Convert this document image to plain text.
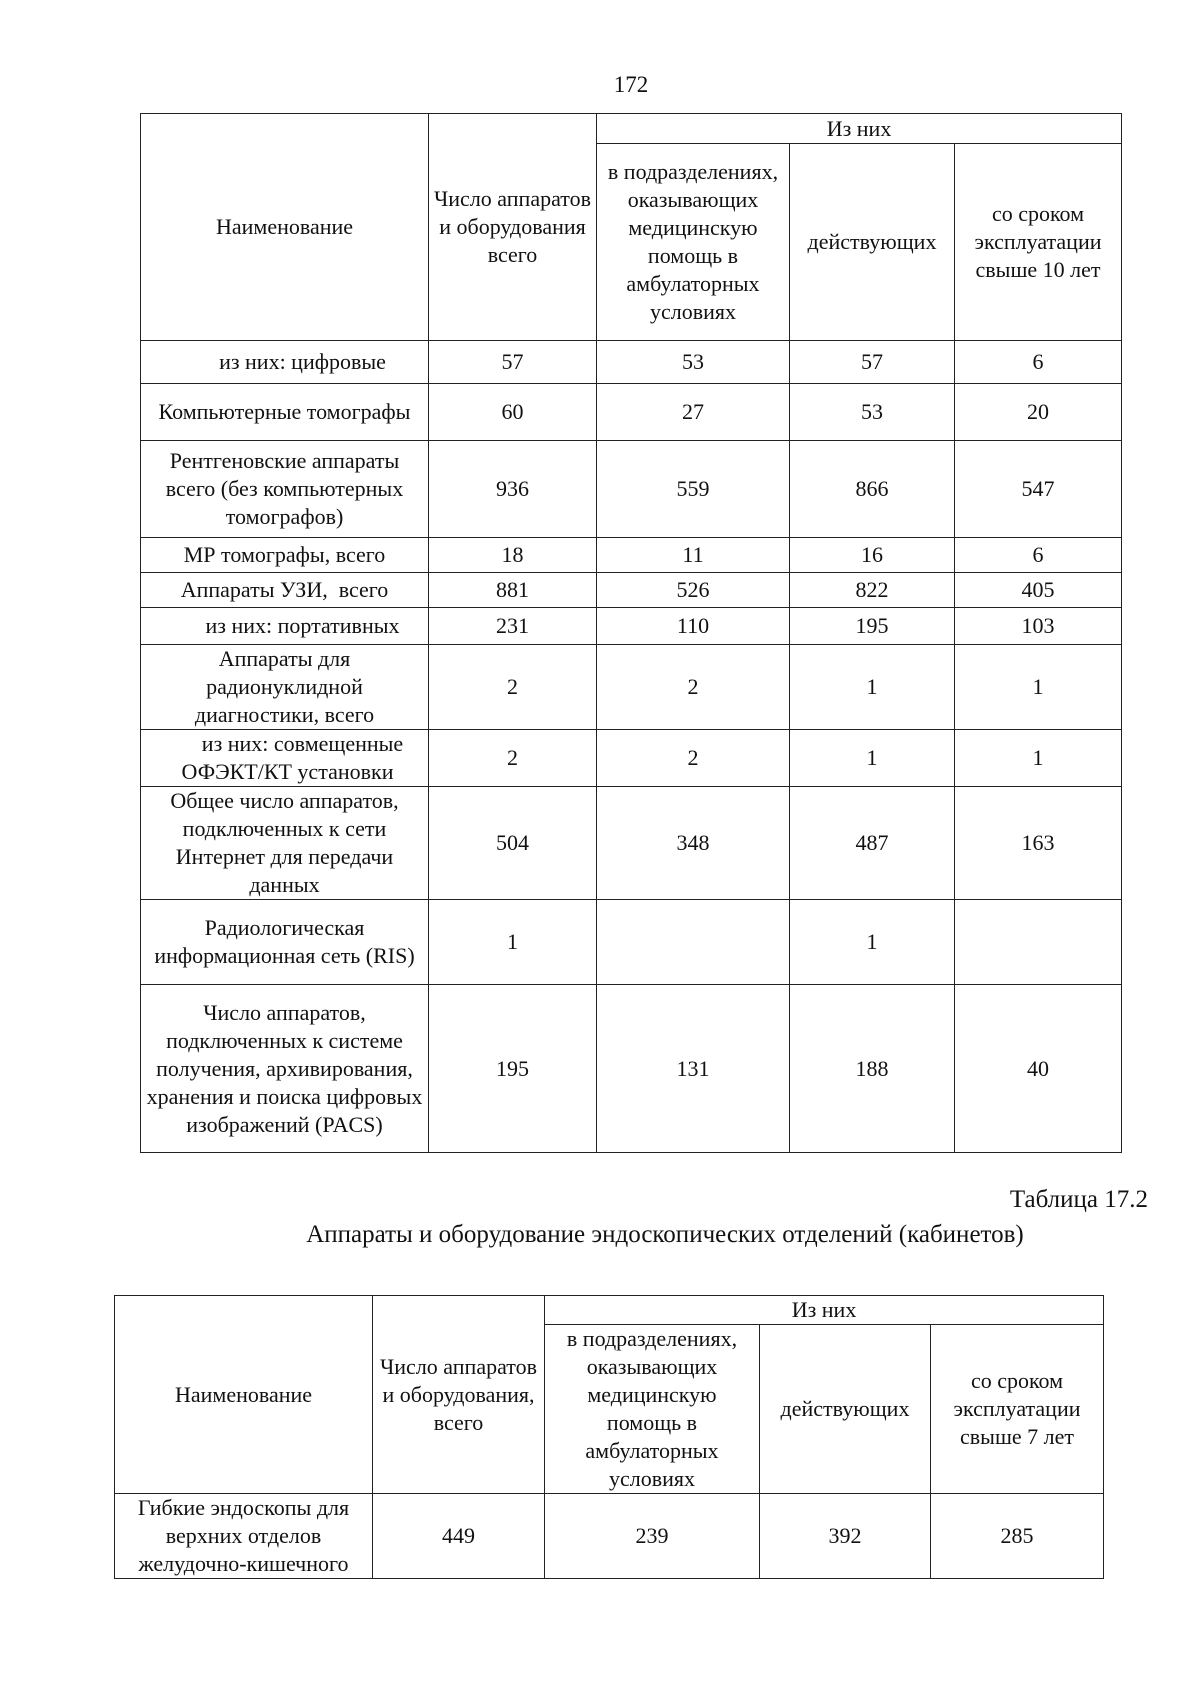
172
Наименование	Число аппаратов и оборудования всего	Из них		
		в подразделениях, оказывающих медицинскую помощь в амбулаторных условиях	действующих	со сроком эксплуатации свыше 10 лет
из них: цифровые	57	53	57	6
Компьютерные томографы	60	27	53	20
Рентгеновские аппараты всего (без компьютерных томографов)	936	559	866	547
МР томографы, всего	18	11	16	6
Аппараты УЗИ,  всего	881	526	822	405
из них: портативных	231	110	195	103
Аппараты для радионуклидной диагностики, всего	2	2	1	1
из них: совмещенные ОФЭКТ/КТ установки	2	2	1	1
Общее число аппаратов, подключенных к сети Интернет для передачи данных	504	348	487	163
Радиологическая информационная сеть (RIS)	1		1	
Число аппаратов, подключенных к системе получения, архивирования, хранения и поиска цифровых изображений (PACS)	195	131	188	40
Таблица 17.2
Аппараты и оборудование эндоскопических отделений (кабинетов)
Наименование	Число аппаратов и оборудования, всего	Из них		
		в подразделениях, оказывающих медицинскую помощь в амбулаторных условиях	действующих	со сроком эксплуатации свыше 7 лет
Гибкие эндоскопы для верхних отделов желудочно-кишечного	449	239	392	285
